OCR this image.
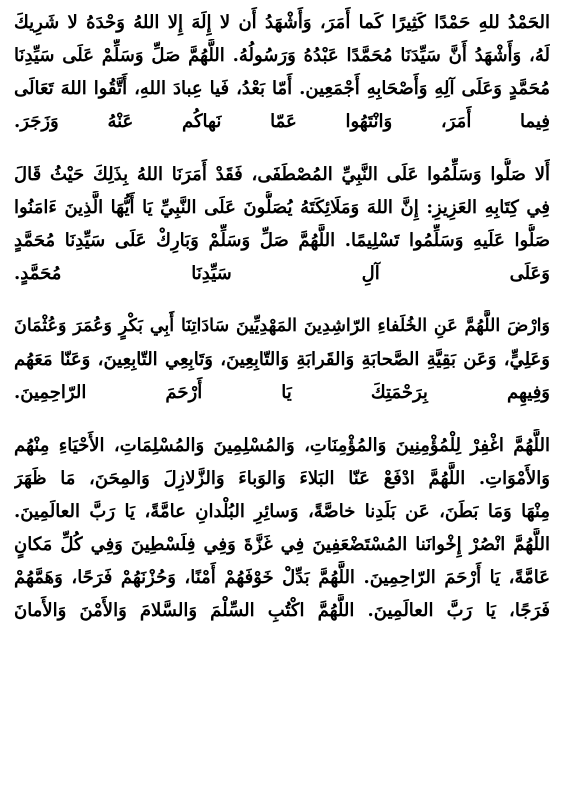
الحَمْدُ للهِ حَمْدًا كَثِيرًا كَما أَمَرَ، وَأَشْهَدُ أَن لا إِلَهَ إِلا اللهُ وَحْدَهُ لا شَرِيكَ
لَهُ، وَأَشْهَدُ أَنَّ سَيِّدَنَا مُحَمَّدًا عَبْدُهُ وَرَسُولُهُ. اللَّهُمَّ صَلِّ وَسَلِّمْ عَلَى سَيِّدِنَا
مُحَمَّدٍ وَعَلَى آلِهِ وَأَصْحَابِهِ أَجْمَعِين. أَمّا بَعْدُ، فَيا عِبادَ اللهِ، أَتَّقُوا اللهَ تَعَالَى
فِيما أَمَرَ، وَانْتَهُوا عَمّا نَهاكُم عَنْهُ وَزَجَرَ.
أَلا صَلُّوا وَسَلِّمُوا عَلَى النَّبِيِّ المُصْطَفَى، فَقَدْ أَمَرَنَا اللهُ بِذَلِكَ حَيْثُ قَالَ
فِي كِتَابِهِ العَزِيزِ: إِنَّ اللهَ وَمَلَائِكَتَهُ يُصَلُّونَ عَلَى النَّبِيِّ يَا أَيُّهَا الَّذِينَ ءَامَنُوا
صَلُّوا عَلَيهِ وَسَلِّمُوا تَسْلِيمًا. اللَّهُمَّ صَلِّ وَسَلِّمْ وَبَارِكْ عَلَى سَيِّدِنَا مُحَمَّدٍ
وَعَلَى آلِ سَيِّدِنَا مُحَمَّدٍ.
وَارْضَ اللَّهُمَّ عَنِ الخُلَفاءِ الرّاشِدِينَ المَهْدِيِّينَ سَادَاتِنَا أَبِي بَكْرٍ وَعُمَرَ وَعُثْمَانَ
وَعَلِيٍّ، وَعَن بَقِيَّةِ الصَّحابَةِ وَالقَرابَةِ وَالتّابِعِينَ، وَتَابِعِي التّابِعِينَ، وَعَنّا مَعَهُم
وَفِيهِم بِرَحْمَتِكَ يَا أَرْحَمَ الرّاحِمِينَ.
اللَّهُمَّ اغْفِرْ لِلْمُؤْمِنِينَ وَالمُؤْمِنَاتِ، وَالمُسْلِمِينَ وَالمُسْلِمَاتِ، الأَحْيَاءِ مِنْهُم
وَالأَمْوَاتِ. اللَّهُمَّ ادْفَعْ عَنّا البَلاءَ وَالوَباءَ وَالزَّلازِلَ وَالمِحَنَ، مَا ظَهَرَ
مِنْهَا وَمَا بَطَنَ، عَن بَلَدِنا خاصَّةً، وَسائِرِ البُلْدانِ عامَّةً، يَا رَبَّ العالَمِينَ.
اللَّهُمَّ انْصُرْ إِخْوانَنا المُسْتَضْعَفِينَ فِي غَزَّةَ وَفِي فِلَسْطِينَ وَفِي كُلِّ مَكانٍ
عَامَّةً، يَا أَرْحَمَ الرّاحِمِينَ. اللَّهُمَّ بَدِّلْ خَوْفَهُمْ أَمْنًا، وَحُزْنَهُمْ فَرَحًا، وَهَمَّهُمْ
فَرَجًا، يَا رَبَّ العالَمِينَ. اللَّهُمَّ اكْتُبِ السِّلْمَ وَالسَّلامَ وَالأَمْنَ وَالأَمانَ
